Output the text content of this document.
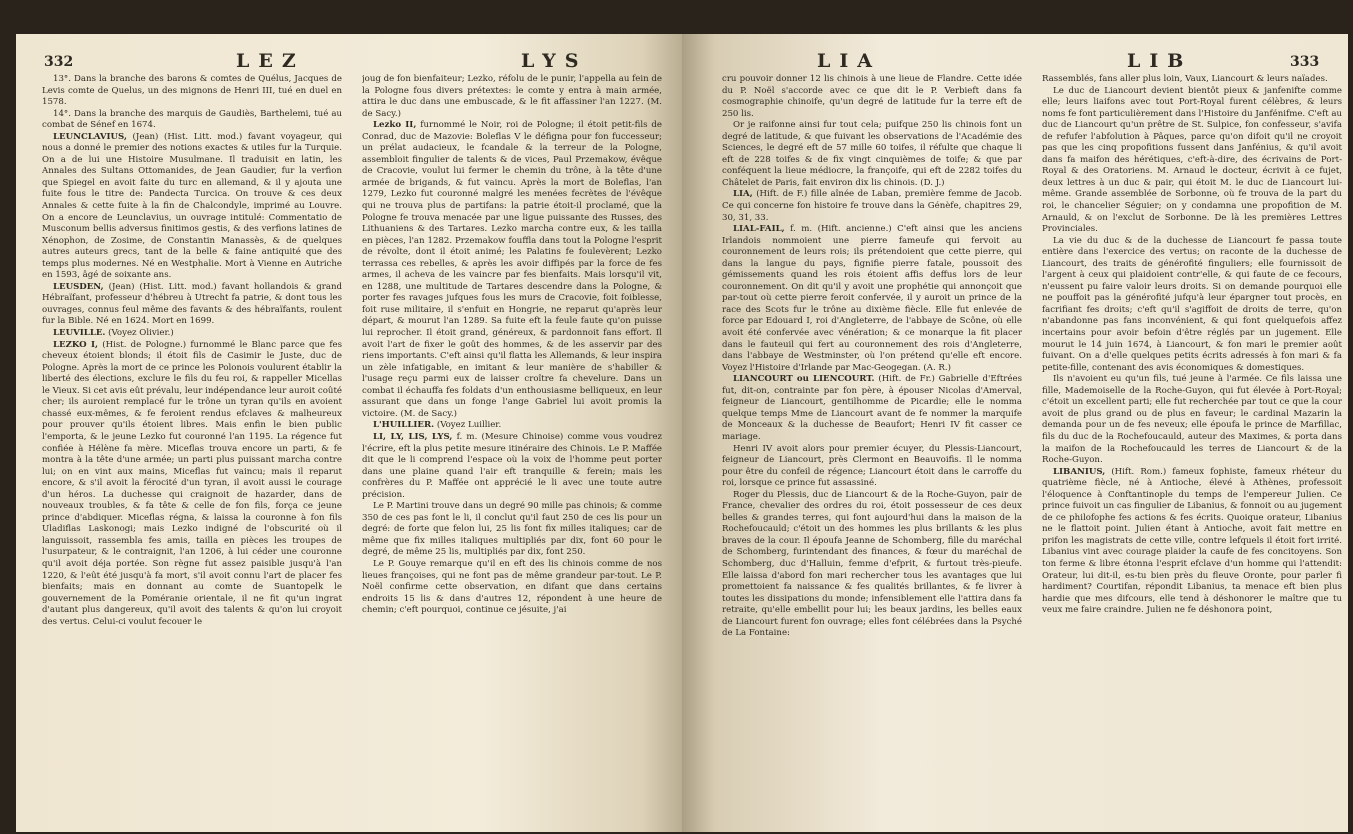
332	LEZ	LYS

13°. Dans la branche des barons & comtes de Quélus, Jacques de Levis comte de Quelus, un des mignons de Henri III, tué en duel en 1578.

14°. Dans la branche des marquis de Gaudiès, Barthelemi, tué au combat de Sénef en 1674.

LEUNCLAVIUS, (Jean) (Hist. Litt. mod.) favant voyageur, qui nous a donné le premier des notions exactes & utiles fur la Turquie. On a de lui une Histoire Musulmane. Il traduisit en latin, les Annales des Sultans Ottomanides, de Jean Gaudier, fur la verfion que Spiegel en avoit faite du turc en allemand, & il y ajouta une fuite fous le titre de: Pandecta Turcica. On trouve & ces deux Annales & cette fuite à la fin de Chalcondyle, imprimé au Louvre. On a encore de Leunclavius, un ouvrage intitulé: Commentatio de Musconum bellis adversus finitimos gestis, & des verfions latines de Xénophon, de Zosime, de Constantin Manassès, & de quelques autres auteurs grecs, tant de la belle & faine antiquité que des temps plus modernes. Né en Westphalie. Mort à Vienne en Autriche en 1593, âgé de soixante ans.

LEUSDEN, (Jean) (Hist. Litt. mod.) favant hollandois & grand Hébraïfant, professeur d'hébreu à Utrecht fa patrie, & dont tous les ouvrages, connus feul même des favants & des hébraïfants, roulent fur la Bible. Né en 1624. Mort en 1699.

LEUVILLE. (Voyez Olivier.)

LEZKO I, (Hist. de Pologne.) furnommé le Blanc parce que fes cheveux étoient blonds; il étoit fils de Casimir le Juste, duc de Pologne. Après la mort de ce prince les Polonois voulurent établir la liberté des élections, exclure le fils du feu roi, & rappeller Micellas le Vieux. Si cet avis eût prévalu, leur indépendance leur auroit coûté cher; ils auroient remplacé fur le trône un tyran qu'ils en avoient chassé eux-mêmes, & fe feroient rendus efclaves & malheureux pour prouver qu'ils étoient libres. Mais enfin le bien public l'emporta, & le jeune Lezko fut couronné l'an 1195. La régence fut confiée à Hélène fa mère. Miceflas trouva encore un parti, & fe montra à la tête d'une armée; un parti plus puissant marcha contre lui; on en vint aux mains, Miceflas fut vaincu; mais il reparut encore, & s'il avoit la férocité d'un tyran, il avoit aussi le courage d'un héros. La duchesse qui craignoit de hazarder, dans de nouveaux troubles, & fa tête & celle de fon fils, força ce jeune prince d'abdiquer. Miceflas régna, & laissa la couronne à fon fils Uladiflas Laskonogi; mais Lezko indigné de l'obscurité où il languissoit, rassembla fes amis, tailla en pièces les troupes de l'usurpateur, & le contraignit, l'an 1206, à lui céder une couronne qu'il avoit déja portée. Son règne fut assez paisible jusqu'à l'an 1220, & l'eût été jusqu'à fa mort, s'il avoit connu l'art de placer fes bienfaits; mais en donnant au comte de Suantopelk le gouvernement de la Poméranie orientale, il ne fit qu'un ingrat d'autant plus dangereux, qu'il avoit des talents & qu'on lui croyoit des vertus. Celui-ci voulut fecouer le

joug de fon bienfaiteur; Lezko, réfolu de le punir, l'appella au fein de la Pologne fous divers prétextes: le comte y entra à main armée, attira le duc dans une embuscade, & le fit affassiner l'an 1227. (M. de Sacy.)

Lezko II, furnommé le Noir, roi de Pologne; il étoit petit-fils de Conrad, duc de Mazovie: Boleflas V le défigna pour fon fuccesseur; un prélat audacieux, le fcandale & la terreur de la Pologne, assembloit fingulier de talents & de vices, Paul Przemakow, évêque de Cracovie, voulut lui fermer le chemin du trône, à la tête d'une armée de brigands, & fut vaincu. Après la mort de Boleflas, l'an 1279, Lezko fut couronné malgré les menées fecrètes de l'évêque qui ne trouva plus de partifans: la patrie étoit-il proclamé, que la Pologne fe trouva menacée par une ligue puissante des Russes, des Lithuaniens & des Tartares. Lezko marcha contre eux, & les tailla en pièces, l'an 1282. Przemakow fouffla dans tout la Pologne l'esprit de révolte, dont il étoit animé; les Palatins fe foulevèrent; Lezko terrassa ces rebelles, & après les avoir diffipés par la force de fes armes, il acheva de les vaincre par fes bienfaits. Mais lorsqu'il vit, en 1288, une multitude de Tartares descendre dans la Pologne, & porter fes ravages jufques fous les murs de Cracovie, foit foiblesse, foit ruse militaire, il s'enfuit en Hongrie, ne reparut qu'après leur départ, & mourut l'an 1289. Sa fuite eft la feule faute qu'on puisse lui reprocher. Il étoit grand, généreux, & pardonnoit fans effort. Il avoit l'art de fixer le goût des hommes, & de les asservir par des riens importants. C'eft ainsi qu'il flatta les Allemands, & leur inspira un zèle infatigable, en imitant & leur manière de s'habiller & l'usage reçu parmi eux de laisser croître fa chevelure. Dans un combat il échauffa fes foldats d'un enthousiasme belliqueux, en leur assurant que dans un fonge l'ange Gabriel lui avoit promis la victoire. (M. de Sacy.)

L'HUILLIER. (Voyez Luillier.

LI, LY, LIS, LYS, f. m. (Mesure Chinoise) comme vous voudrez l'écrire, eft la plus petite mesure itinéraire des Chinois. Le P. Maffée dit que le li comprend l'espace où la voix de l'homme peut porter dans une plaine quand l'air eft tranquille & ferein; mais les confrères du P. Maffée ont apprécié le li avec une toute autre précision.

Le P. Martini trouve dans un degré 90 mille pas chinois; & comme 350 de ces pas font le li, il conclut qu'il faut 250 de ces lis pour un degré: de forte que felon lui, 25 lis font fix milles italiques; car de même que fix milles italiques multipliés par dix, font 60 pour le degré, de même 25 lis, multipliés par dix, font 250.

Le P. Gouye remarque qu'il en eft des lis chinois comme de nos lieues françoises, qui ne font pas de même grandeur par-tout. Le P. Noël confirme cette observation, en difant que dans certains endroits 15 lis & dans d'autres 12, répondent à une heure de chemin; c'eft pourquoi, continue ce jésuite, j'ai

LIA	LIB	333

cru pouvoir donner 12 lis chinois à une lieue de Flandre. Cette idée du P. Noël s'accorde avec ce que dit le P. Verbieft dans fa cosmographie chinoife, qu'un degré de latitude fur la terre eft de 250 lis.

Or je raifonne ainsi fur tout cela; puifque 250 lis chinois font un degré de latitude, & que fuivant les observations de l'Académie des Sciences, le degré eft de 57 mille 60 toifes, il réfulte que chaque li eft de 228 toifes & de fix vingt cinquièmes de toife; & que par conféquent la lieue médiocre, la françoife, qui eft de 2282 toifes du Châtelet de Paris, fait environ dix lis chinois. (D. J.)

LIA, (Hift. de F.) fille aînée de Laban, première femme de Jacob. Ce qui concerne fon histoire fe trouve dans la Génèfe, chapitres 29, 30, 31, 33.

LIAL-FAIL, f. m. (Hift. ancienne.) C'eft ainsi que les anciens Irlandois nommoient une pierre fameufe qui fervoit au couronnement de leurs rois; ils prétendoient que cette pierre, qui dans la langue du pays, fignifie pierre fatale, poussoit des gémissements quand les rois étoient affis deffus lors de leur couronnement. On dit qu'il y avoit une prophétie qui annonçoit que par-tout où cette pierre feroit confervée, il y auroit un prince de la race des Scots fur le trône au dixième fiècle. Elle fut enlevée de force par Edouard I, roi d'Angleterre, de l'abbaye de Scône, où elle avoit été confervée avec vénération; & ce monarque la fit placer dans le fauteuil qui fert au couronnement des rois d'Angleterre, dans l'abbaye de Westminster, où l'on prétend qu'elle eft encore. Voyez l'Histoire d'Irlande par Mac-Geogegan. (A. R.)

LIANCOURT ou LIENCOURT. (Hift. de Fr.) Gabrielle d'Eftrées fut, dit-on, contrainte par fon père, à épouser Nicolas d'Amerval, feigneur de Liancourt, gentilhomme de Picardie; elle le nomma quelque temps Mme de Liancourt avant de fe nommer la marquife de Monceaux & la duchesse de Beaufort; Henri IV fit casser ce mariage.

Henri IV avoit alors pour premier écuyer, du Plessis-Liancourt, feigneur de Liancourt, près Clermont en Beauvoifis. Il le nomma pour être du confeil de régence; Liancourt étoit dans le carroffe du roi, lorsque ce prince fut assassiné.

Roger du Plessis, duc de Liancourt & de la Roche-Guyon, pair de France, chevalier des ordres du roi, étoit possesseur de ces deux belles & grandes terres, qui font aujourd'hui dans la maison de la Rochefoucauld; c'étoit un des hommes les plus brillants & les plus braves de la cour. Il époufa Jeanne de Schomberg, fille du maréchal de Schomberg, furintendant des finances, & fœur du maréchal de Schomberg, duc d'Halluin, femme d'efprit, & furtout très-pieufe. Elle laissa d'abord fon mari rechercher tous les avantages que lui promettoient fa naissance & fes qualités brillantes, & fe livrer à toutes les dissipations du monde; infensiblement elle l'attira dans fa retraite, qu'elle embellit pour lui; les beaux jardins, les belles eaux de Liancourt furent fon ouvrage; elles font célébrées dans la Psyché de La Fontaine:

Rassemblés, fans aller plus loin, Vaux, Liancourt & leurs naïades.

Le duc de Liancourt devient bientôt pieux & janfenifte comme elle; leurs liaifons avec tout Port-Royal furent célèbres, & leurs noms fe font particulièrement dans l'Histoire du Janfénifme. C'eft au duc de Liancourt qu'un prêtre de St. Sulpice, fon confesseur, s'avifa de refufer l'abfolution à Pâques, parce qu'on difoit qu'il ne croyoit pas que les cinq propofitions fussent dans Janfénius, & qu'il avoit dans fa maifon des hérétiques, c'eft-à-dire, des écrivains de Port-Royal & des Oratoriens. M. Arnaud le docteur, écrivit à ce fujet, deux lettres à un duc & pair, qui étoit M. le duc de Liancourt lui-même. Grande assemblée de Sorbonne, où fe trouva de la part du roi, le chancelier Séguier; on y condamna une propofition de M. Arnauld, & on l'exclut de Sorbonne. De là les premières Lettres Provinciales.

La vie du duc & de la duchesse de Liancourt fe passa toute entière dans l'exercice des vertus; on raconte de la duchesse de Liancourt, des traits de générofité finguliers; elle fournissoit de l'argent à ceux qui plaidoient contr'elle, & qui faute de ce fecours, n'eussent pu faire valoir leurs droits. Si on demande pourquoi elle ne pouffoit pas la générofité jufqu'à leur épargner tout procès, en facrifiant fes droits; c'eft qu'il s'agiffoit de droits de terre, qu'on n'abandonne pas fans inconvénient, & qui font quelquefois affez incertains pour avoir befoin d'être réglés par un jugement. Elle mourut le 14 juin 1674, à Liancourt, & fon mari le premier août fuivant. On a d'elle quelques petits écrits adressés à fon mari & fa petite-fille, contenant des avis économiques & domestiques.

Ils n'avoient eu qu'un fils, tué jeune à l'armée. Ce fils laissa une fille, Mademoiselle de la Roche-Guyon, qui fut élevée à Port-Royal; c'étoit un excellent parti; elle fut recherchée par tout ce que la cour avoit de plus grand ou de plus en faveur; le cardinal Mazarin la demanda pour un de fes neveux; elle époufa le prince de Marfillac, fils du duc de la Rochefoucauld, auteur des Maximes, & porta dans la maifon de la Rochefoucauld les terres de Liancourt & de la Roche-Guyon.

LIBANIUS, (Hift. Rom.) fameux fophiste, fameux rhéteur du quatrième fiècle, né à Antioche, élevé à Athènes, professoit l'éloquence à Conftantinople du temps de l'empereur Julien. Ce prince fuivoit un cas fingulier de Libanius, & fonnoit ou au jugement de ce philofophe fes actions & fes écrits. Quoique orateur, Libanius ne le flattoit point. Julien étant à Antioche, avoit fait mettre en prifon les magistrats de cette ville, contre lefquels il étoit fort irrité. Libanius vint avec courage plaider la caufe de fes concitoyens. Son ton ferme & libre étonna l'esprit efclave d'un homme qui l'attendit: Orateur, lui dit-il, es-tu bien près du fleuve Oronte, pour parler fi hardiment? Courtifan, répondit Libanius, ta menace eft bien plus hardie que mes difcours, elle tend à déshonorer le maître que tu veux me faire craindre. Julien ne fe déshonora point,
